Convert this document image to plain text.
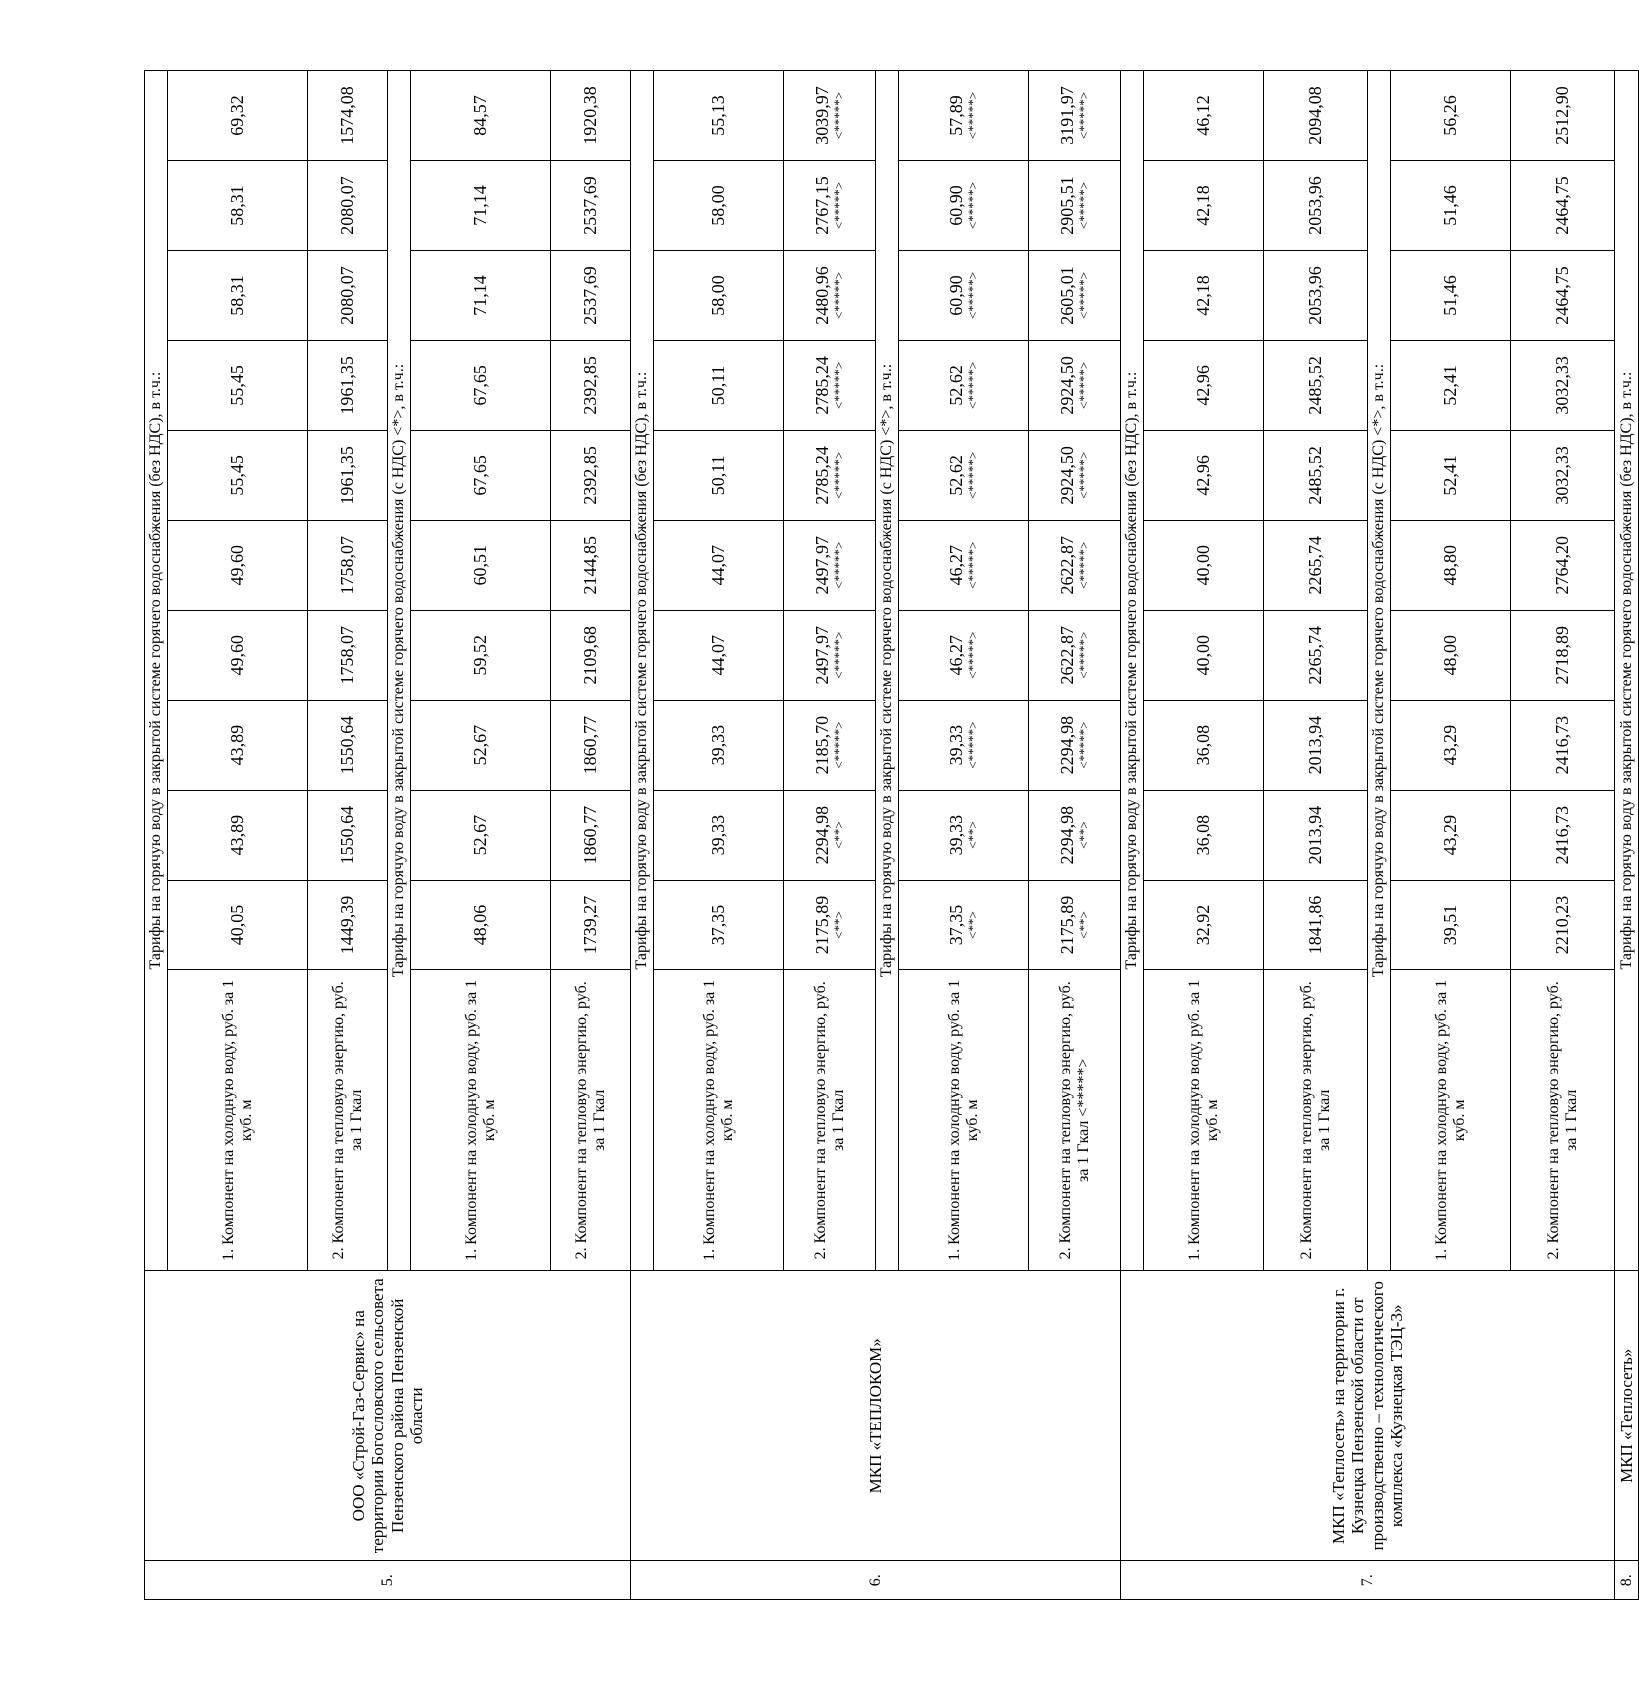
5.	ООО «Строй-Газ-Сервис» на территории Богословского сельсовета Пензенского района Пензенской области	Тарифы на горячую воду в закрытой системе горячего водоснабжения (без НДС), в т.ч.:										
		1. Компонент на холодную воду, руб. за 1 куб. м	40,05	43,89	43,89	49,60	49,60	55,45	55,45	58,31	58,31	69,32
		2. Компонент на тепловую энергию, руб. за 1 Гкал	1449,39	1550,64	1550,64	1758,07	1758,07	1961,35	1961,35	2080,07	2080,07	1574,08
		Тарифы на горячую воду в закрытой системе горячего водоснабжения (с НДС) <*>, в т.ч.:										
		1. Компонент на холодную воду, руб. за 1 куб. м	48,06	52,67	52,67	59,52	60,51	67,65	67,65	71,14	71,14	84,57
		2. Компонент на тепловую энергию, руб. за 1 Гкал	1739,27	1860,77	1860,77	2109,68	2144,85	2392,85	2392,85	2537,69	2537,69	1920,38
6.	МКП «ТЕПЛОКОМ»	Тарифы на горячую воду в закрытой системе горячего водоснабжения (без НДС), в т.ч.:										
		1. Компонент на холодную воду, руб. за 1 куб. м	37,35	39,33	39,33	44,07	44,07	50,11	50,11	58,00	58,00	55,13
		2. Компонент на тепловую энергию, руб. за 1 Гкал	2175,89 <**>	2294,98 <**>	2185,70 <*****>	2497,97 <*****>	2497,97 <*****>	2785,24 <*****>	2785,24 <*****>	2480,96 <*****>	2767,15 <*****>	3039,97 <*****>

		Тарифы на горячую воду в закрытой системе горячего водоснабжения (с НДС) <*>, в т.ч.:										
		1. Компонент на холодную воду, руб. за 1 куб. м	37,35 <**>	39,33 <**>	39,33 <*****>	46,27 <*****>	46,27 <*****>	52,62 <*****>	52,62 <*****>	60,90 <*****>	60,90 <*****>	57,89 <*****>

		2. Компонент на тепловую энергию, руб. за 1 Гкал <*****>	2175,89 <**>	2294,98 <**>	2294,98 <*****>	2622,87 <*****>	2622,87 <*****>	2924,50 <*****>	2924,50 <*****>	2605,01 <*****>	2905,51 <*****>	3191,97 <*****>

7.	МКП «Теплосеть» на территории г. Кузнецка Пензенской области от производственно – технологического комплекса «Кузнецкая ТЭЦ-3»	Тарифы на горячую воду в закрытой системе горячего водоснабжения (без НДС), в т.ч.:										
		1. Компонент на холодную воду, руб. за 1 куб. м	32,92	36,08	36,08	40,00	40,00	42,96	42,96	42,18	42,18	46,12
		2. Компонент на тепловую энергию, руб. за 1 Гкал	1841,86	2013,94	2013,94	2265,74	2265,74	2485,52	2485,52	2053,96	2053,96	2094,08
		Тарифы на горячую воду в закрытой системе горячего водоснабжения (с НДС) <*>, в т.ч.:										
		1. Компонент на холодную воду, руб. за 1 куб. м	39,51	43,29	43,29	48,00	48,80	52,41	52,41	51,46	51,46	56,26
		2. Компонент на тепловую энергию, руб. за 1 Гкал	2210,23	2416,73	2416,73	2718,89	2764,20	3032,33	3032,33	2464,75	2464,75	2512,90
8.	МКП «Теплосеть»	Тарифы на горячую воду в закрытой системе горячего водоснабжения (без НДС), в т.ч.:										
